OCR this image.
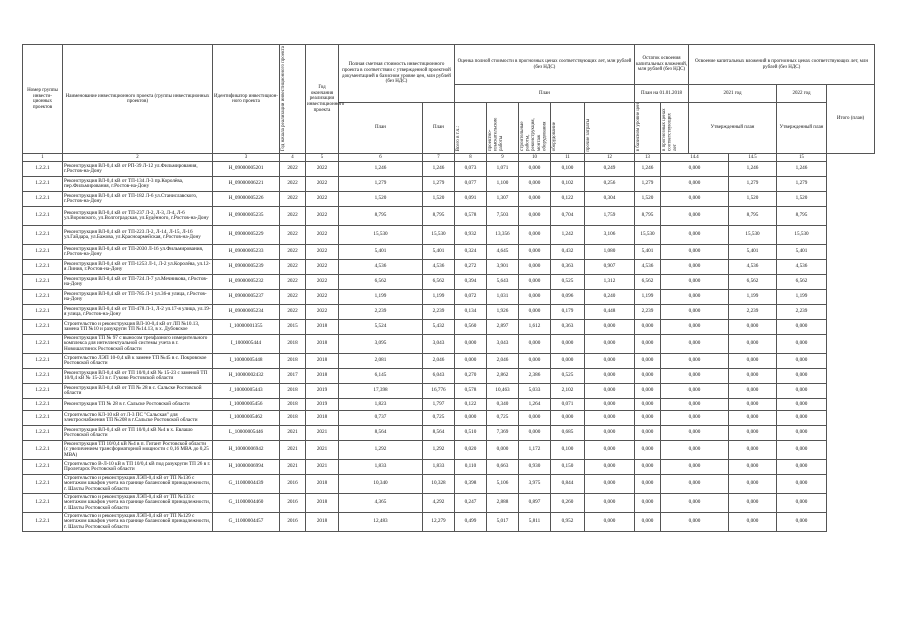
Номер группы инвести-ционных проектов	Наименование инвестиционного проекта (группы инвестиционных проектов)	Идентификатор инвестицион-ного проекта	Год начала реализации инвестиционного проекта	Год окончания реализации инвестиционного проекта	Полная сметная стоимость инвестиционного проекта в соответствии с утвержденной проектной документацией в базисном уровне цен, млн рублей (без НДС)		Оценка полной стоимости в прогнозных ценах соответствующих лет, млн рублей (без НДС)					Остаток освоения капитальных вложений, млн рублей (без НДС)		Освоение капитальных вложений в прогнозных ценах соответствующих лет, млн рублей (без НДС)			
							План					План на 01.01.2018		2021 год		2022 год	Итого (план)
					План	План	Всего в т.ч.:	проектно-изыскательские работы	строительные работы, реконструкция, монтаж оборудования	оборудование	прочие затраты	в базисном уровне цен	в прогнозных ценах соответствующих лет	Утвержденный план		Утвержденный план	
1	2	3	4	5	6	7	8	9	10	11	12	13	14.4		14.5	15	
1.2.2.1	Реконструкция ВЛ-0,4 кВ от РП-39 Л-12 ул.Фильмирования, г.Ростов-на-Дону	H_09000005201	2022	2022	1,246	1,246	0,073	1,071	0,000	0,100	0,249	1,246	0,000		1,246	1,246	
1.2.2.1	Реконструкция ВЛ-0,4 кВ от ТП-134 Л-3 пр.Королёва, пер.Фильмирования, г.Ростов-на-Дону	H_09000006221	2022	2022	1,279	1,279	0,077	1,100	0,000	0,102	0,256	1,279	0,000		1,279	1,279	
1.2.2.1	Реконструкция ВЛ-0,4 кВ от ТП-182 Л-6 ул.Станиславского, г.Ростов-на-Дону	H_09000005226	2022	2022	1,520	1,520	0,091	1,307	0,000	0,122	0,304	1,520	0,000		1,520	1,520	
1.2.2.1	Реконструкция ВЛ-0,4 кВ от ТП-237 Л-2, Л-3, Л-4, Л-6 ул.Воровского, ул.Волгоградская, ул.Будённого, г.Ростов-на-Дону	H_09000005235	2022	2022	8,795	8,795	0,578	7,503	0,000	0,704	1,759	8,795	0,000		8,795	8,795	
1.2.2.1	Реконструкция ВЛ-0,4 кВ от ТП-223 Л-2, Л-14, Л-15, Л-16 ул.Гайдара, ул.Бажова, ул.Красноармейская, г.Ростов-на-Дону	H_09000005229	2022	2022	15,530	15,530	0,932	13,356	0,000	1,242	3,106	15,530	0,000		15,530	15,530	
1.2.2.1	Реконструкция ВЛ-0,4 кВ от ТП-2030 Л-16 ул.Фильмирования, г.Ростов-на-Дону	H_09000005233	2022	2022	5,401	5,401	0,324	4,645	0,000	0,432	1,080	5,401	0,000		5,401	5,401	
1.2.2.1	Реконструкция ВЛ-0,4 кВ от ТП-1253 Л-1, Л-2 ул.Королёва, ул.12-я Линия, г.Ростов-на-Дону	H_09000005239	2022	2022	4,536	4,536	0,272	3,901	0,000	0,363	0,907	4,536	0,000		4,536	4,536	
1.2.2.1	Реконструкция ВЛ-0,4 кВ от ТП-724 Л-7 ул.Мечникова, г.Ростов-на-Дону	H_09000005232	2022	2022	6,562	6,562	0,394	5,643	0,000	0,525	1,312	6,562	0,000		6,562	6,562	
1.2.2.1	Реконструкция ВЛ-0,4 кВ от ТП-785 Л-1 ул.36-я улица, г.Ростов-на-Дону	H_09000005237	2022	2022	1,199	1,199	0,072	1,031	0,000	0,096	0,240	1,199	0,000		1,199	1,199	
1.2.2.1	Реконструкция ВЛ-0,4 кВ от ТП-478 Л-1, Л-2 ул.17-я улица, ул.19-я улица, г.Ростов-на-Дону	H_09000005234	2022	2022	2,239	2,239	0,134	1,926	0,000	0,179	0,448	2,239	0,000		2,239	2,239	
1.2.2.1	Строительство и реконструкция ВЛ-10-0,4 кВ от ЛП №10.13, замена ТП №10 и разукрупн ТП №14.13, в х. Дубовское	I_10000001355	2015	2018	5,524	5,432	0,560	2,897	1,612	0,363	0,000	0,000	0,000		0,000	0,000	
1.2.2.1	Реконструкция ТП № 97 с выносом трехфазного измерительного комплекса для интеллектуальной системы учета в г. Новошахтинск Ростовской области	I_1000005444	2018	2018	3,095	3,043	0,000	3,043	0,000	0,000	0,000	0,000	0,000		0,000	0,000	
1.2.2.1	Строительство ЛЭП 10-0,4 кВ к замене ТП №45 в с. Покровское Ростовской области	I_10000005448	2018	2018	2,081	2,046	0,000	2,046	0,000	0,000	0,000	0,000	0,000		0,000	0,000	
1.2.2.1	Реконструкция ВЛ-0,4 кВ от ТП 10/0,4 кВ № 15-23 с заменой ТП 10/0,4 кВ № 15-23 в г. Гуково Ростовской области	H_10000002432	2017	2018	6,145	6,043	0,270	2,862	2,386	0,525	0,000	0,000	0,000		0,000	0,000	
1.2.2.1	Реконструкция ВЛ-0,4 кВ от ТП № 28 в с. Сальске Ростовской области	J_10000005443	2018	2019	17,398	16,776	0,578	10,463	5,033	2,102	0,000	0,000	0,000		0,000	0,000	
1.2.2.1	Реконструкция ТП № 28 в г. Сальске Ростовской области	I_10000005456	2018	2019	1,823	1,797	0,122	0,340	1,264	0,071	0,000	0,000	0,000		0,000	0,000	
1.2.2.1	Строительство КЛ-10 кВ от Л-3 ПС "Сальская" для электроснабжения ТП №208 в г.Сальске Ростовской области	I_10000005462	2018	2018	0,737	0,725	0,000	0,725	0,000	0,000	0,000	0,000	0,000		0,000	0,000	
1.2.2.1	Реконструкция ВЛ-0,4 кВ от ТП 10/0,4 кВ №4 в х. Евлашо Ростовской области	L_10000005446	2021	2021	8,564	8,564	0,510	7,369	0,000	0,685	0,000	0,000	0,000		0,000	0,000	
1.2.2.1	Реконструкция ТП 10/0,4 кВ №4 в п. Гигант Ростовской области (с увеличением трансформаторной мощности с 0,16 МВА до 0,25 МВА)	H_10000006942	2021	2021	1,292	1,292	0,020	0,000	1,172	0,100	0,000	0,000	0,000		0,000	0,000	
1.2.2.1	Строительство В-Л-10 кВ в ТП 10/0,4 кВ под разукрупн ТП 26 в г. Пролетарск Ростовской области	H_10000006994	2021	2021	1,833	1,833	0,110	0,663	0,930	0,150	0,000	0,000	0,000		0,000	0,000	
1.2.2.1	Строительство и реконструкция ЛЭП-0,4 кВ от ТП №136 с монтажом шкафов учета на границе балансовой принадлежности, г. Шахты Ростовской области	G_11000004439	2016	2018	10,340	10,328	0,398	5,106	3,975	0,844	0,000	0,000	0,000		0,000	0,000	
1.2.2.1	Строительство и реконструкция ЛЭП-0,4 кВ от ТП №133 с монтажом шкафов учета на границе балансовой принадлежности, г. Шахты Ростовской области	G_11000004460	2016	2018	4,365	4,292	0,247	2,888	0,897	0,260	0,000	0,000	0,000		0,000	0,000	
1.2.2.1	Строительство и реконструкция ЛЭП-0,4 кВ от ТП №129 с монтажом шкафов учета на границе балансовой принадлежности, г. Шахты Ростовской области	G_11000004457	2016	2018	12,483	12,279	0,499	5,017	5,811	0,952	0,000	0,000	0,000		0,000	0,000	
